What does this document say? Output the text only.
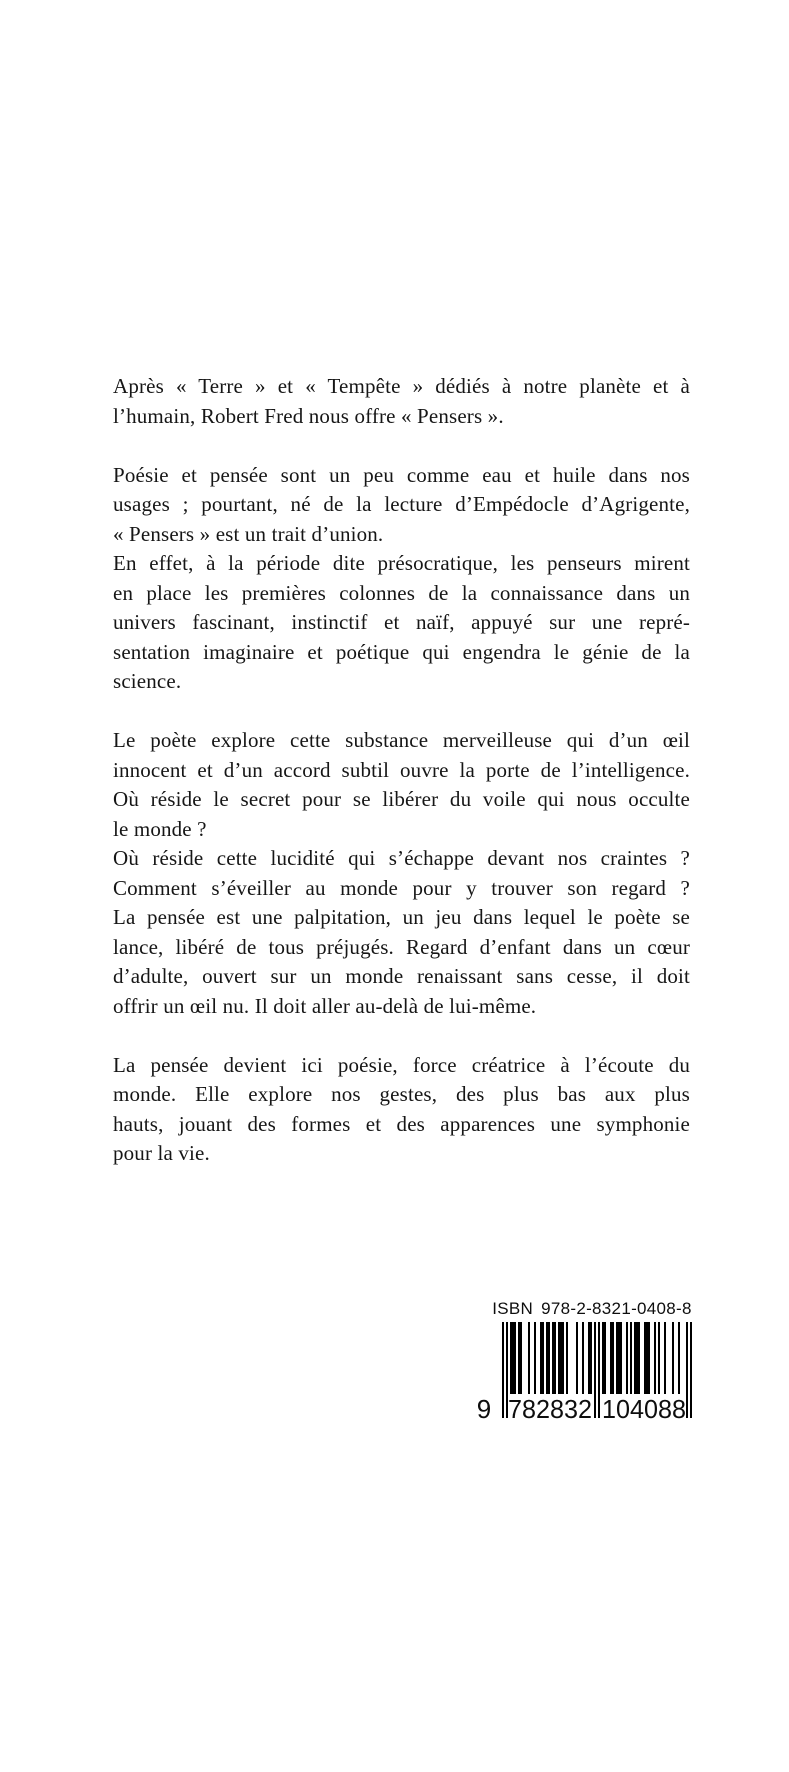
Après « Terre » et « Tempête » dédiés à notre planète et à
l’humain, Robert Fred nous offre « Pensers ».
Poésie et pensée sont un peu comme eau et huile dans nos
usages ; pourtant, né de la lecture d’Empédocle d’Agrigente,
« Pensers » est un trait d’union.
En effet, à la période dite présocratique, les penseurs mirent
en place les premières colonnes de la connaissance dans un
univers fascinant, instinctif et naïf, appuyé sur une repré-
sentation imaginaire et poétique qui engendra le génie de la
science.
Le poète explore cette substance merveilleuse qui d’un œil
innocent et d’un accord subtil ouvre la porte de l’intelligence.
Où réside le secret pour se libérer du voile qui nous occulte
le monde ?
Où réside cette lucidité qui s’échappe devant nos craintes ?
Comment s’éveiller au monde pour y trouver son regard ?
La pensée est une palpitation, un jeu dans lequel le poète se
lance, libéré de tous préjugés. Regard d’enfant dans un cœur
d’adulte, ouvert sur un monde renaissant sans cesse, il doit
offrir un œil nu. Il doit aller au-delà de lui-même.
La pensée devient ici poésie, force créatrice à l’écoute du
monde. Elle explore nos gestes, des plus bas aux plus
hauts, jouant des formes et des apparences une symphonie
pour la vie.
ISBN 978-2-8321-0408-8
9 782832 104088
